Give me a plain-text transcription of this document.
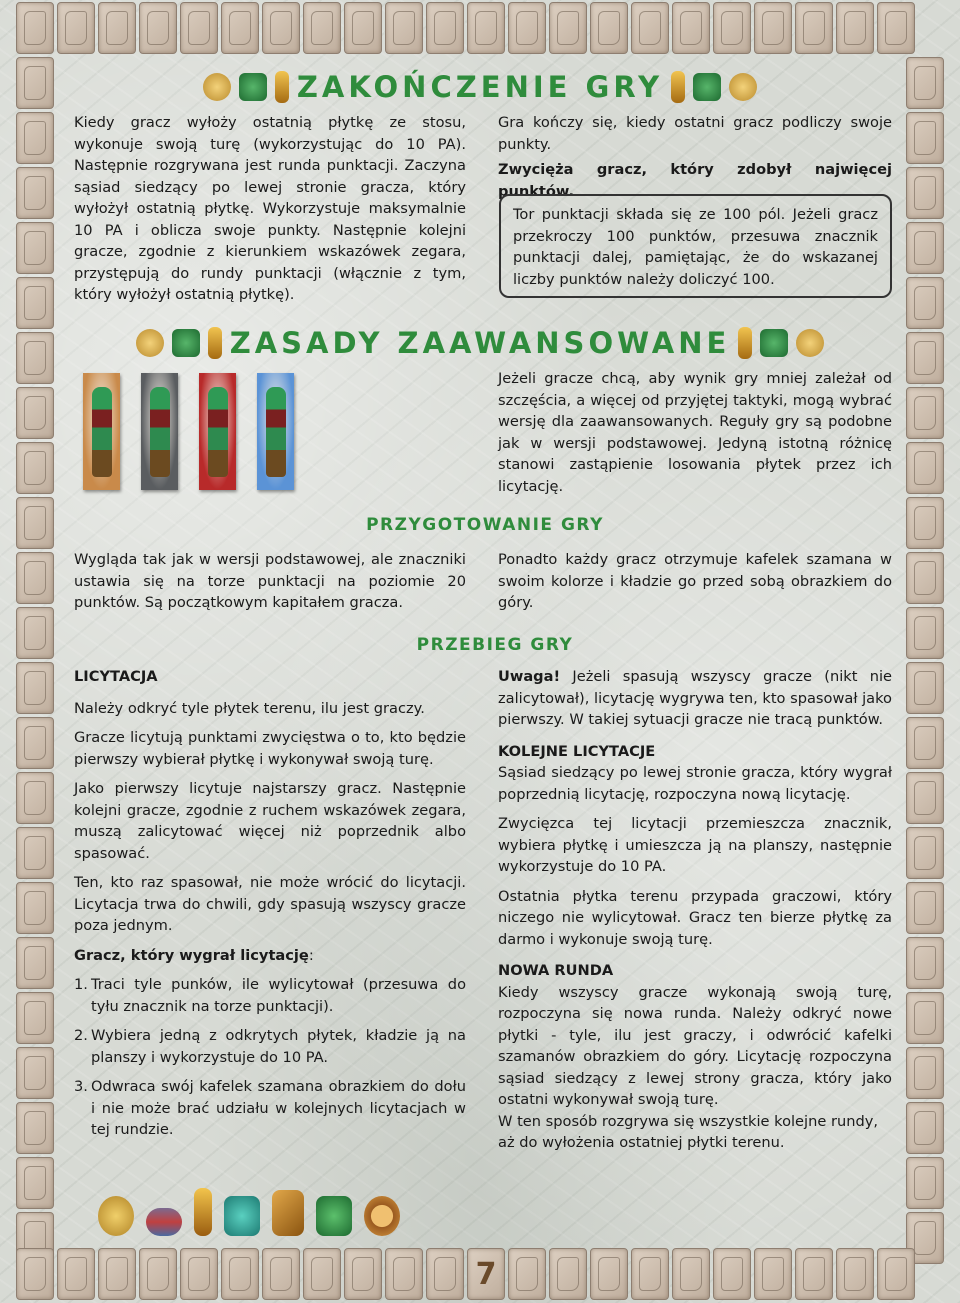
7
ZAKOŃCZENIE GRY

Kiedy gracz wyłoży ostatnią płytkę ze stosu, wykonuje swoją turę (wykorzystując do 10 PA). Następnie rozgrywana jest runda punktacji. Zaczyna sąsiad siedzący po lewej stronie gracza, który wyłożył ostatnią płytkę. Wykorzystuje maksymalnie 10 PA i oblicza swoje punkty. Następnie kolejni gracze, zgodnie z kierunkiem wskazówek zegara, przystępują do rundy punktacji (włącznie z tym, który wyłożył ostatnią płytkę).

Gra kończy się, kiedy ostatni gracz podliczy swoje punkty.

Zwycięża gracz, który zdobył najwięcej punktów.

Tor punktacji składa się ze 100 pól. Jeżeli gracz przekroczy 100 punktów, przesuwa znacznik punktacji dalej, pamiętając, że do wskazanej liczby punktów należy doliczyć 100.
ZASADY ZAAWANSOWANE

Jeżeli gracze chcą, aby wynik gry mniej zależał od szczęścia, a więcej od przyjętej taktyki, mogą wybrać wersję dla zaawansowanych. Reguły gry są podobne jak w wersji podstawowej. Jedyną istotną różnicę stanowi zastąpienie losowania płytek przez ich licytację.

PRZYGOTOWANIE GRY

Wygląda tak jak w wersji podstawowej, ale znaczniki ustawia się na torze punktacji na poziomie 20 punktów. Są początkowym kapitałem gracza.

Ponadto każdy gracz otrzymuje kafelek szamana w swoim kolorze i kładzie go przed sobą obrazkiem do góry.

PRZEBIEG GRY

LICYTACJA

Należy odkryć tyle płytek terenu, ilu jest graczy.

Gracze licytują punktami zwycięstwa o to, kto będzie pierwszy wybierał płytkę i wykonywał swoją turę.

Jako pierwszy licytuje najstarszy gracz. Następnie kolejni gracze, zgodnie z ruchem wskazówek zegara, muszą zalicytować więcej niż poprzednik albo spasować.

Ten, kto raz spasował, nie może wrócić do licytacji. Licytacja trwa do chwili, gdy spasują wszyscy gracze poza jednym.

Gracz, który wygrał licytację:

1. Traci tyle punków, ile wylicytował (przesuwa do tyłu znacznik na torze punktacji).
2. Wybiera jedną z odkrytych płytek, kładzie ją na planszy i wykorzystuje do 10 PA.
3. Odwraca swój kafelek szamana obrazkiem do dołu i nie może brać udziału w kolejnych licytacjach w tej rundzie.

Uwaga! Jeżeli spasują wszyscy gracze (nikt nie zalicytował), licytację wygrywa ten, kto spasował jako pierwszy. W takiej sytuacji gracze nie tracą punktów.

KOLEJNE LICYTACJE

Sąsiad siedzący po lewej stronie gracza, który wygrał poprzednią licytację, rozpoczyna nową licytację.

Zwycięzca tej licytacji przemieszcza znacznik, wybiera płytkę i umieszcza ją na planszy, następnie wykorzystuje do 10 PA.

Ostatnia płytka terenu przypada graczowi, który niczego nie wylicytował. Gracz ten bierze płytkę za darmo i wykonuje swoją turę.

NOWA RUNDA

Kiedy wszyscy gracze wykonają swoją turę, rozpoczyna się nowa runda. Należy odkryć nowe płytki - tyle, ilu jest graczy, i odwrócić kafelki szamanów obrazkiem do góry. Licytację rozpoczyna sąsiad siedzący z lewej strony gracza, który jako ostatni wykonywał swoją turę.

W ten sposób rozgrywa się wszystkie kolejne rundy, aż do wyłożenia ostatniej płytki terenu.
